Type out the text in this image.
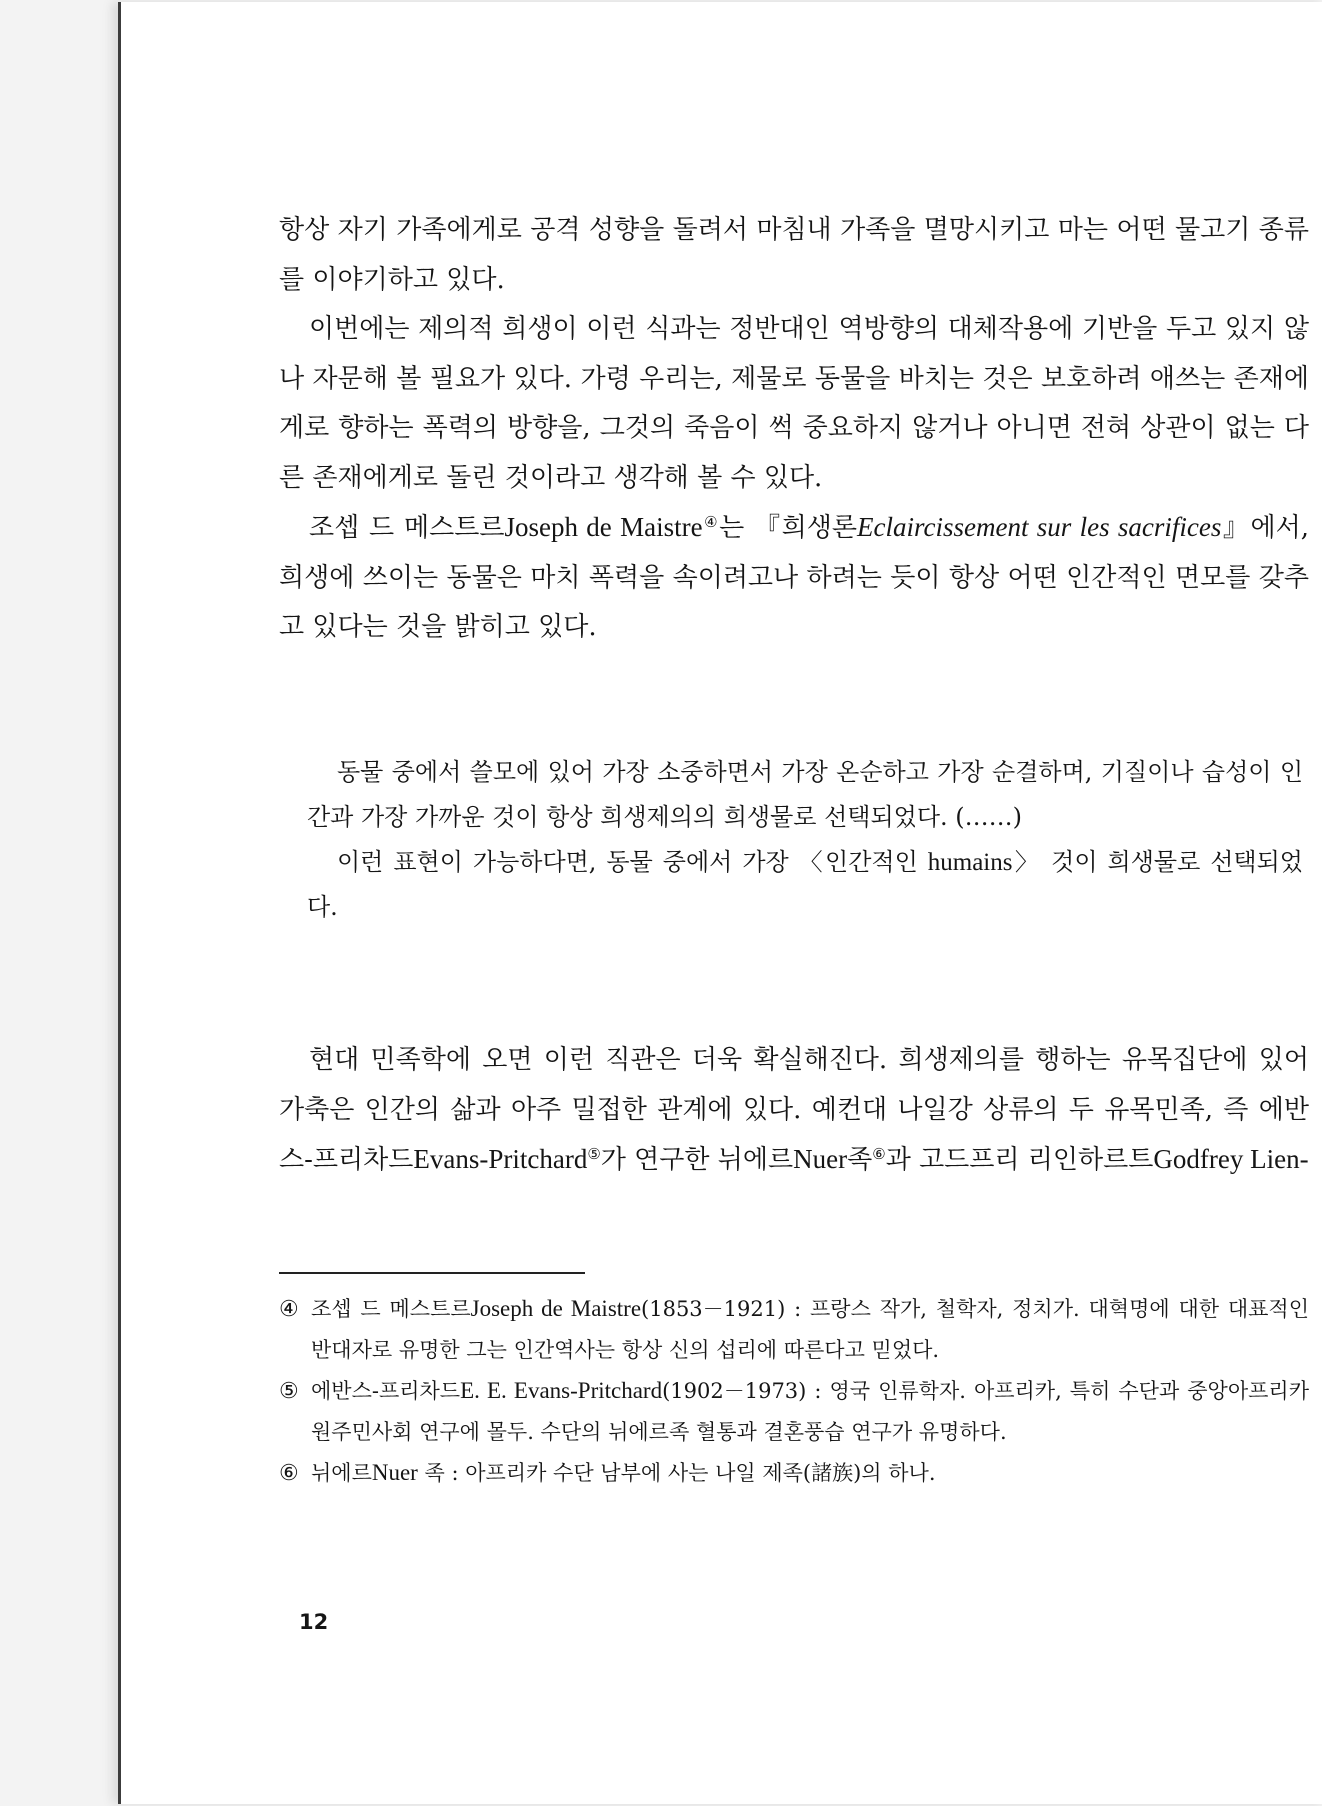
항상 자기 가족에게로 공격 성향을 돌려서 마침내 가족을 멸망시키고 마는 어떤 물고기 종류를 이야기하고 있다.

이번에는 제의적 희생이 이런 식과는 정반대인 역방향의 대체작용에 기반을 두고 있지 않나 자문해 볼 필요가 있다. 가령 우리는, 제물로 동물을 바치는 것은 보호하려 애쓰는 존재에게로 향하는 폭력의 방향을, 그것의 죽음이 썩 중요하지 않거나 아니면 전혀 상관이 없는 다른 존재에게로 돌린 것이라고 생각해 볼 수 있다.

조셉 드 메스트르Joseph de Maistre④는 『희생론Eclaircissement sur les sacrifices』에서, 희생에 쓰이는 동물은 마치 폭력을 속이려고나 하려는 듯이 항상 어떤 인간적인 면모를 갖추고 있다는 것을 밝히고 있다.

동물 중에서 쓸모에 있어 가장 소중하면서 가장 온순하고 가장 순결하며, 기질이나 습성이 인간과 가장 가까운 것이 항상 희생제의의 희생물로 선택되었다. (……)

이런 표현이 가능하다면, 동물 중에서 가장 〈인간적인 humains〉 것이 희생물로 선택되었다.

현대 민족학에 오면 이런 직관은 더욱 확실해진다. 희생제의를 행하는 유목집단에 있어 가축은 인간의 삶과 아주 밀접한 관계에 있다. 예컨대 나일강 상류의 두 유목민족, 즉 에반스-프리차드Evans-Pritchard⑤가 연구한 뉘에르Nuer족⑥과 고드프리 리인하르트Godfrey Lien-

④ 조셉 드 메스트르Joseph de Maistre(1853－1921) : 프랑스 작가, 철학자, 정치가. 대혁명에 대한 대표적인 반대자로 유명한 그는 인간역사는 항상 신의 섭리에 따른다고 믿었다.

⑤ 에반스-프리차드E. E. Evans-Pritchard(1902－1973) : 영국 인류학자. 아프리카, 특히 수단과 중앙아프리카 원주민사회 연구에 몰두. 수단의 뉘에르족 혈통과 결혼풍습 연구가 유명하다.

⑥ 뉘에르Nuer 족 : 아프리카 수단 남부에 사는 나일 제족(諸族)의 하나.

12
